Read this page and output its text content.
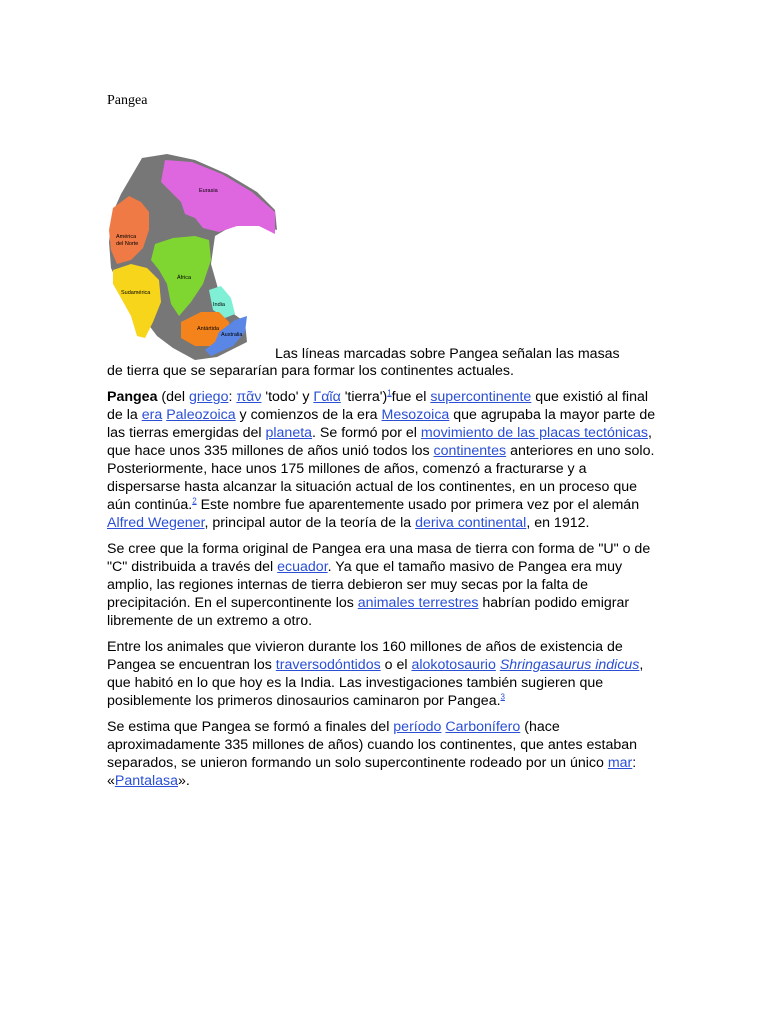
Pangea
Eurasia
América
del Norte
África
Sudamérica
India
Antártida
Australia
Las líneas marcadas sobre Pangea señalan las masas
de tierra que se separarían para formar los continentes actuales.

Pangea (del griego: πᾶν 'todo' y Γαῖα 'tierra')$^1$fue el supercontinente que existió al final de la era Paleozoica y comienzos de la era Mesozoica que agrupaba la mayor parte de las tierras emergidas del planeta. Se formó por el movimiento de las placas tectónicas, que hace unos 335 millones de años unió todos los continentes anteriores en uno solo. Posteriormente, hace unos 175 millones de años, comenzó a fracturarse y a dispersarse hasta alcanzar la situación actual de los continentes, en un proceso que aún continúa.$^2$ Este nombre fue aparentemente usado por primera vez por el alemán Alfred Wegener, principal autor de la teoría de la deriva continental, en 1912.

Se cree que la forma original de Pangea era una masa de tierra con forma de "U" o de "C" distribuida a través del ecuador. Ya que el tamaño masivo de Pangea era muy amplio, las regiones internas de tierra debieron ser muy secas por la falta de precipitación. En el supercontinente los animales terrestres habrían podido emigrar libremente de un extremo a otro.

Entre los animales que vivieron durante los 160 millones de años de existencia de Pangea se encuentran los traversodóntidos o el alokotosaurio Shringasaurus indicus, que habitó en lo que hoy es la India. Las investigaciones también sugieren que posiblemente los primeros dinosaurios caminaron por Pangea.$^3$

Se estima que Pangea se formó a finales del período Carbonífero (hace aproximadamente 335 millones de años) cuando los continentes, que antes estaban separados, se unieron formando un solo supercontinente rodeado por un único mar: «Pantalasa».
